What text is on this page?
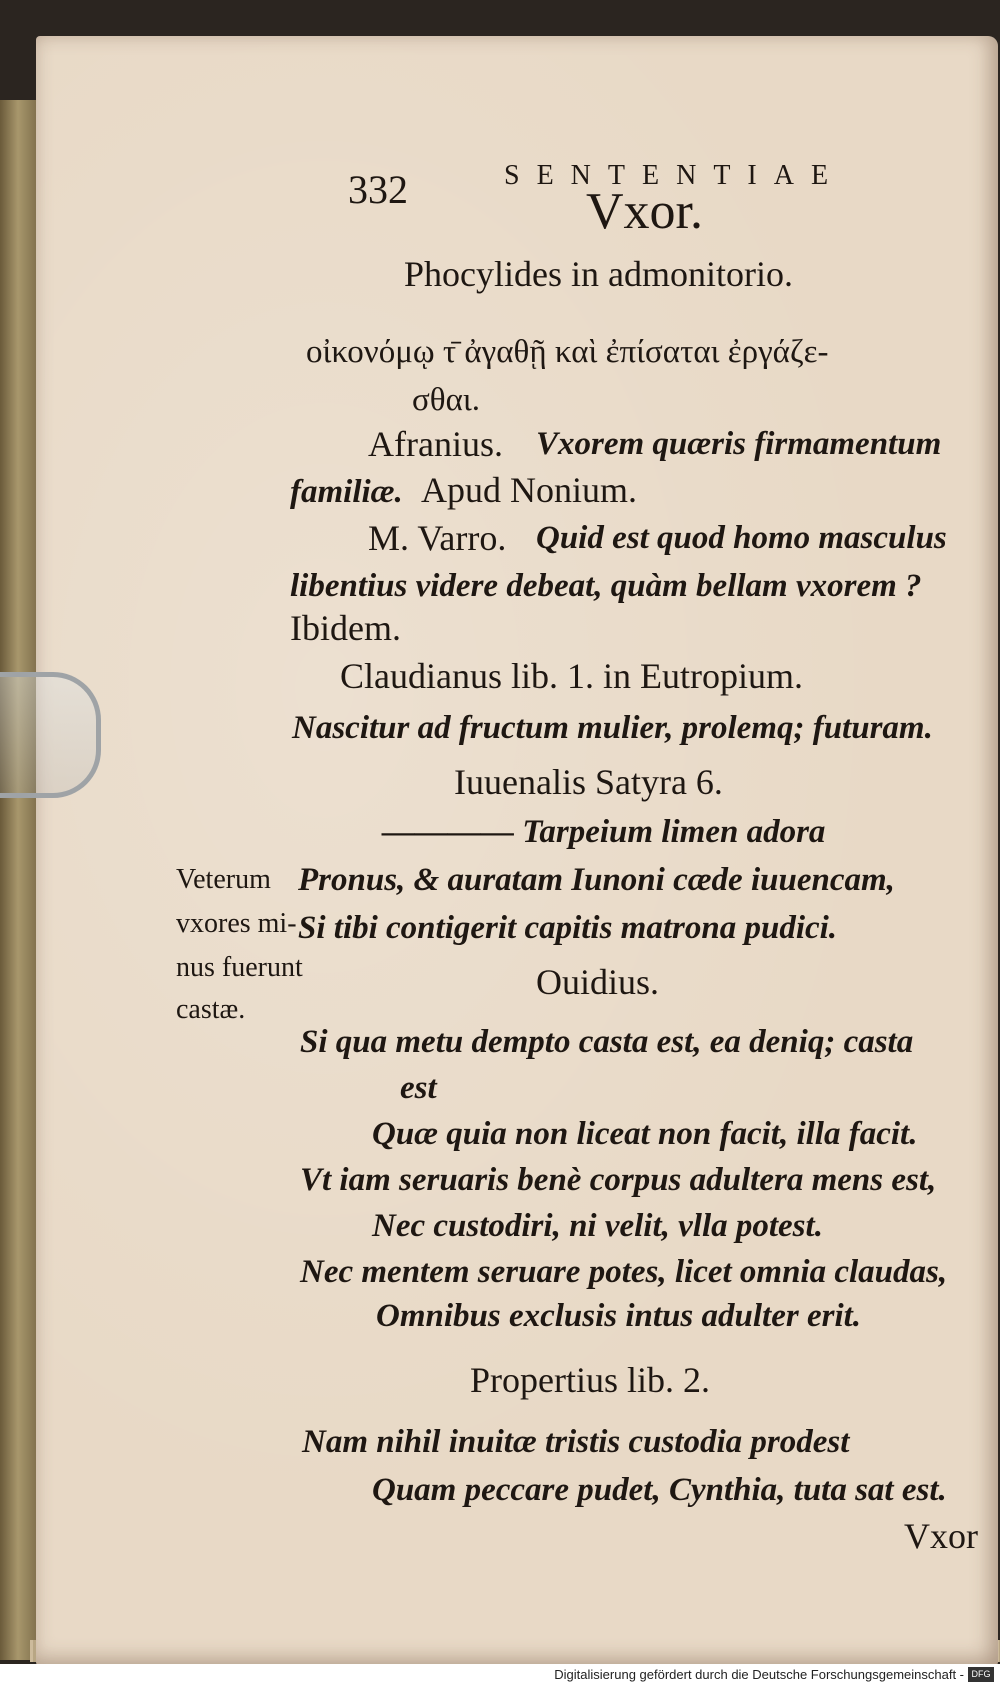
332	SENTENTIAE
Vxor.
Phocylides in admonitorio.
οἰκονόμῳ τ̄ ἀγαθῇ καὶ ἐπίσαται ἐργάζε-
σθαι.
Afranius. Vxorem quæris firmamentum
familiæ. Apud Nonium.
M. Varro. Quid est quod homo masculus
libentius videre debeat, quàm bellam vxorem ?
Ibidem.
Claudianus lib. 1. in Eutropium.
Nascitur ad fructum mulier, prolemq; futuram.
Iuuenalis Satyra 6.
———— Tarpeium limen adora
Pronus, & auratam Iunoni cæde iuuencam,
Si tibi contigerit capitis matrona pudici.
Veterum
vxores mi-
nus fuerunt
castæ.
Ouidius.
Si qua metu dempto casta est, ea deniq; casta
est
Quæ quia non liceat non facit, illa facit.
Vt iam seruaris benè corpus adultera mens est,
Nec custodiri, ni velit, vlla potest.
Nec mentem seruare potes, licet omnia claudas,
Omnibus exclusis intus adulter erit.
Propertius lib. 2.
Nam nihil inuitæ tristis custodia prodest
Quam peccare pudet, Cynthia, tuta sat est.
Vxor
Digitalisierung gefördert durch die Deutsche Forschungsgemeinschaft - DFG
